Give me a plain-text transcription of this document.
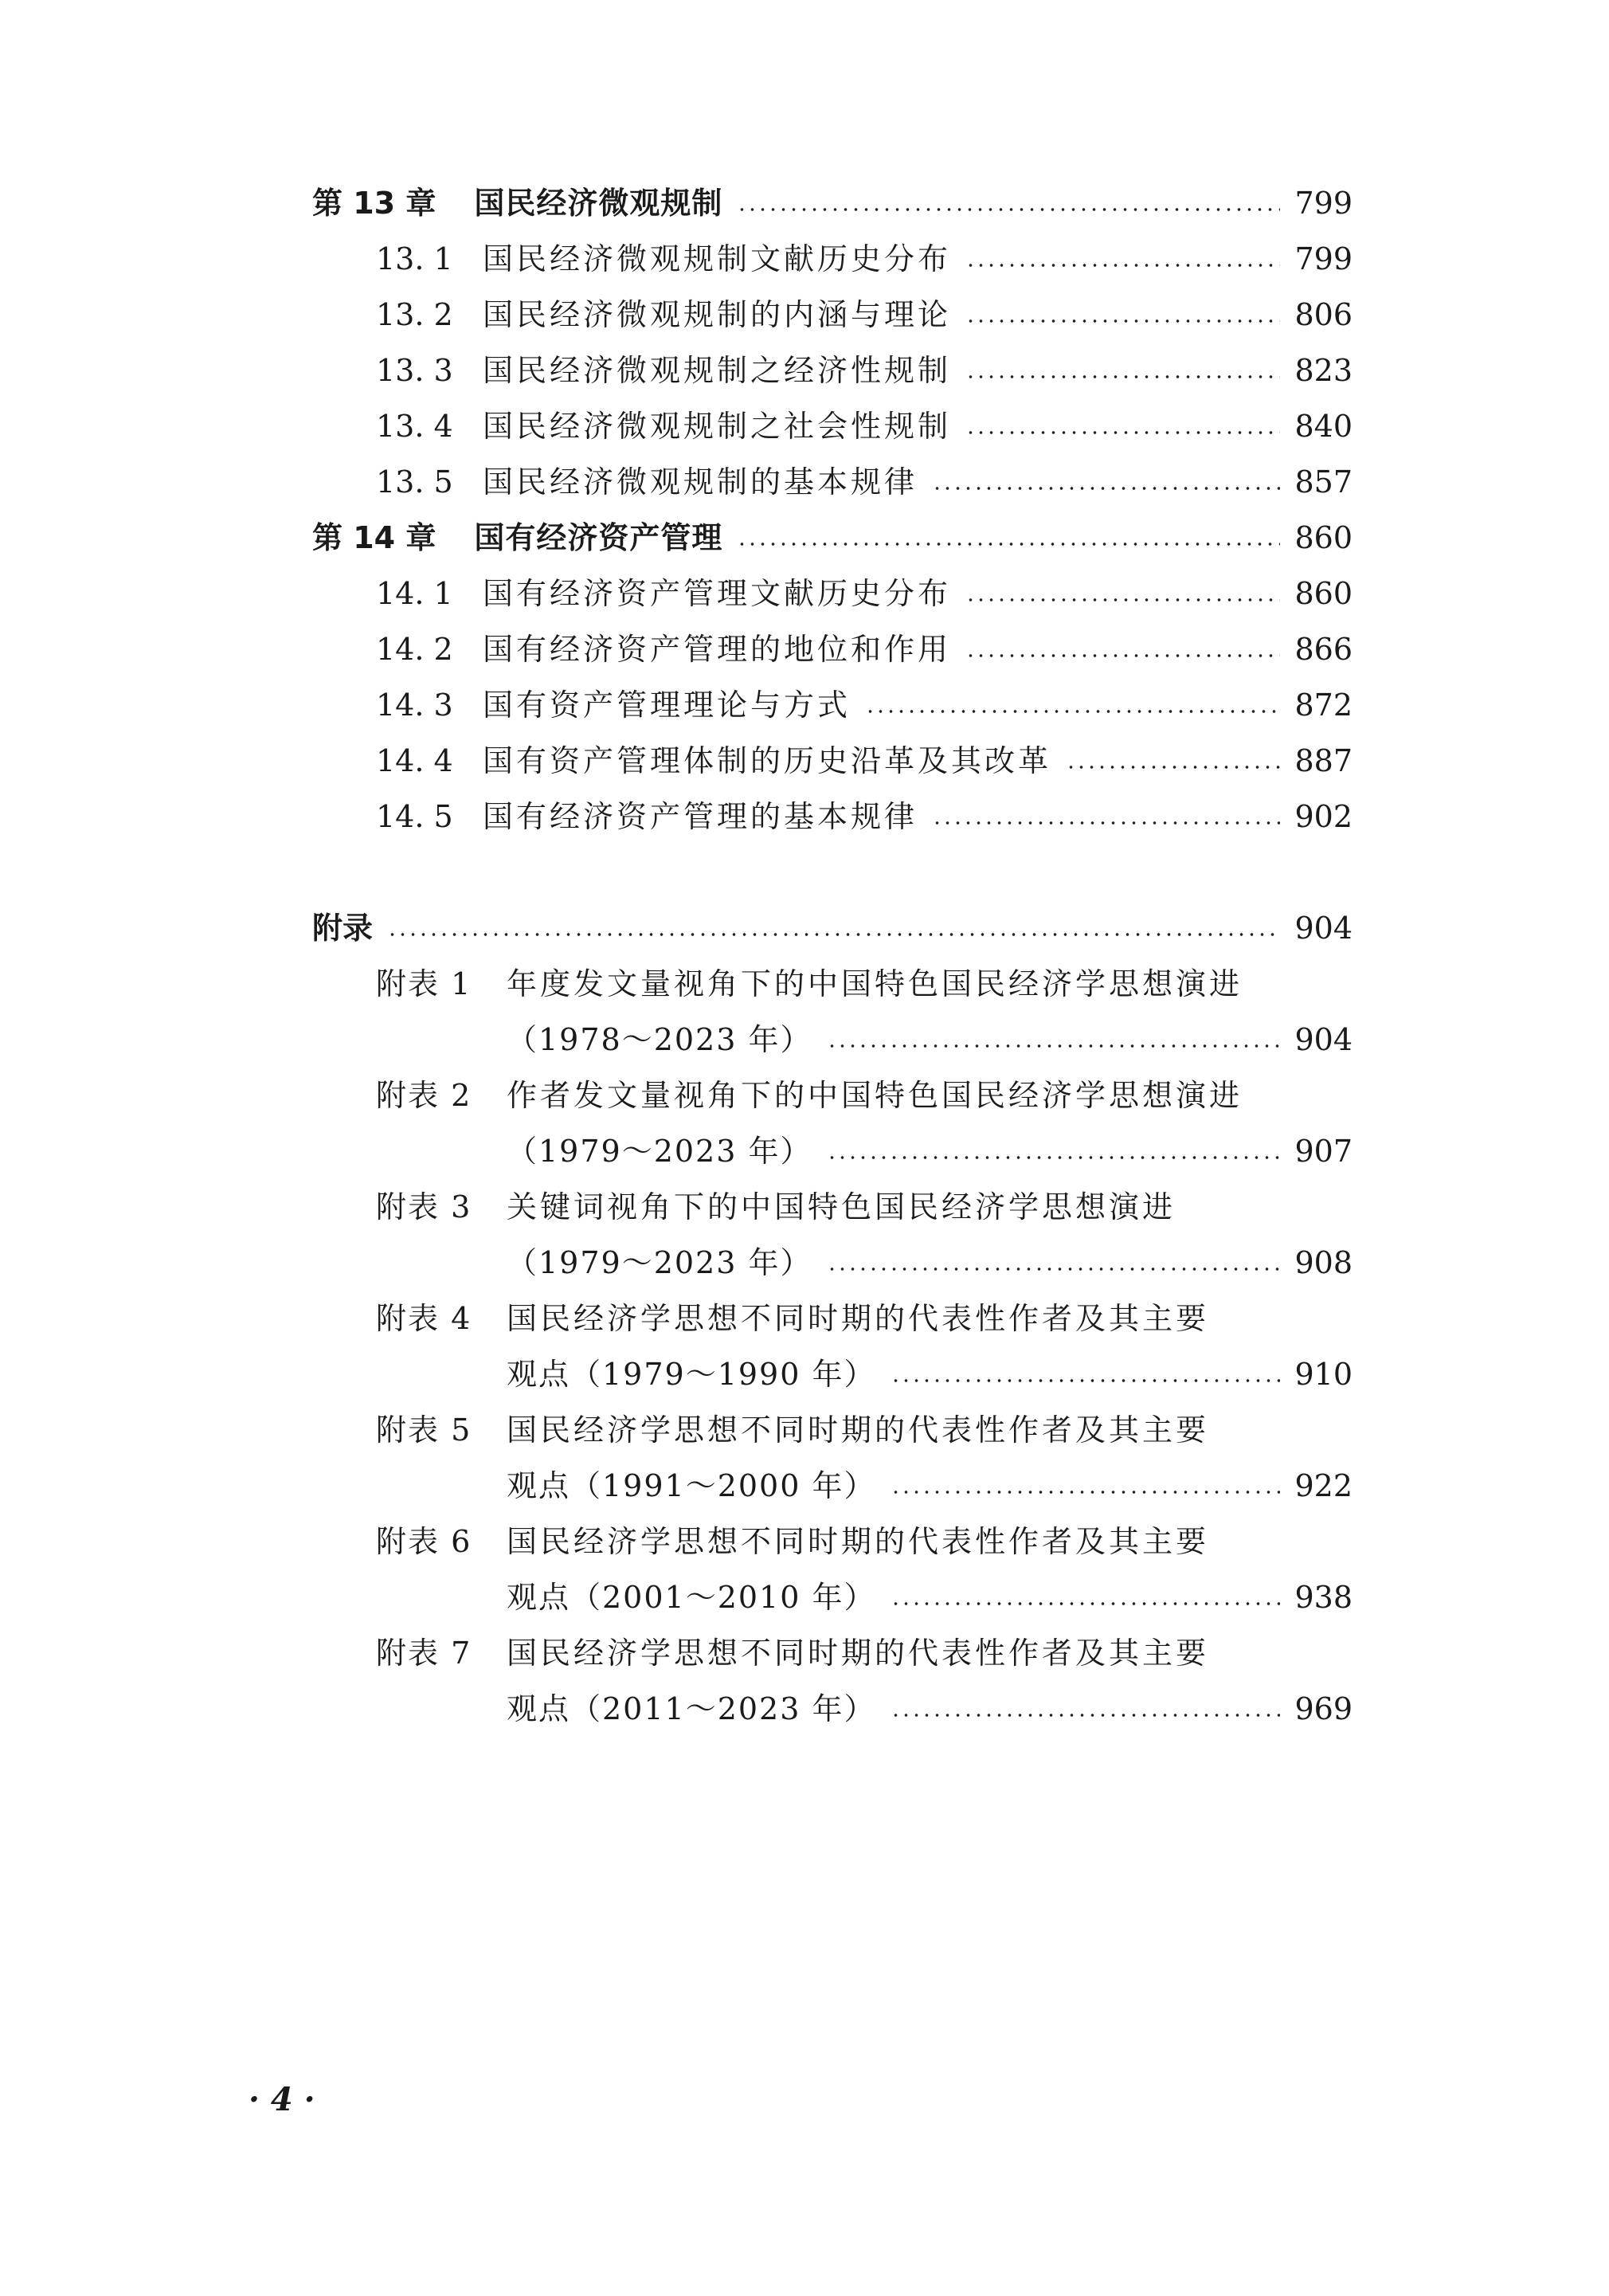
第 13 章 国民经济微观规制	799
13. 1 国民经济微观规制文献历史分布	799
13. 2 国民经济微观规制的内涵与理论	806
13. 3 国民经济微观规制之经济性规制	823
13. 4 国民经济微观规制之社会性规制	840
13. 5 国民经济微观规制的基本规律	857
第 14 章 国有经济资产管理	860
14. 1 国有经济资产管理文献历史分布	860
14. 2 国有经济资产管理的地位和作用	866
14. 3 国有资产管理理论与方式	872
14. 4 国有资产管理体制的历史沿革及其改革	887
14. 5 国有经济资产管理的基本规律	902
附录	904
附表 1	年度发文量视角下的中国特色国民经济学思想演进
（1978～2023 年）	904
附表 2	作者发文量视角下的中国特色国民经济学思想演进
（1979～2023 年）	907
附表 3	关键词视角下的中国特色国民经济学思想演进
（1979～2023 年）	908
附表 4	国民经济学思想不同时期的代表性作者及其主要
观点（1979～1990 年）	910
附表 5	国民经济学思想不同时期的代表性作者及其主要
观点（1991～2000 年）	922
附表 6	国民经济学思想不同时期的代表性作者及其主要
观点（2001～2010 年）	938
附表 7	国民经济学思想不同时期的代表性作者及其主要
观点（2011～2023 年）	969
· 4 ·
